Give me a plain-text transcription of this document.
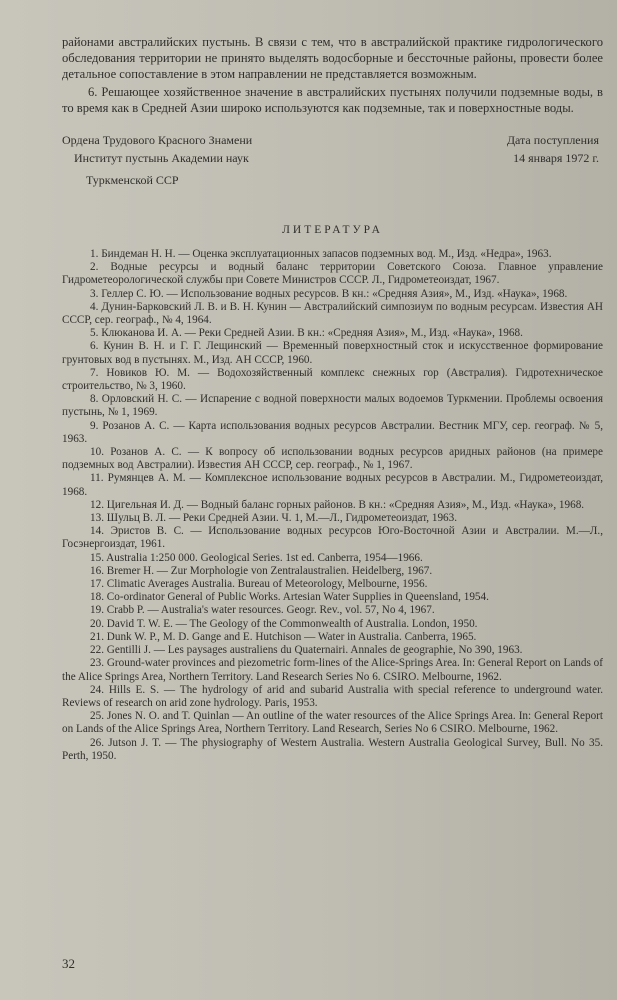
районами австралийских пустынь. В связи с тем, что в австралийской практике гидрологического обследования территории не принято выделять водосборные и бессточные районы, провести более детальное сопоставление в этом направлении не представляется возможным.

6. Решающее хозяйственное значение в австралийских пустынях получили подземные воды, в то время как в Средней Азии широко используются как подземные, так и поверхностные воды.

Ордена Трудового Красного Знамени
Институт пустынь Академии наук
Туркменской ССР
Дата поступления
14 января 1972 г.
ЛИТЕРАТУРА
1. Биндеман Н. Н. — Оценка эксплуатационных запасов подземных вод. М., Изд. «Недра», 1963.
2. Водные ресурсы и водный баланс территории Советского Союза. Главное управление Гидрометеорологической службы при Совете Министров СССР. Л., Гидрометеоиздат, 1967.
3. Геллер С. Ю. — Использование водных ресурсов. В кн.: «Средняя Азия», М., Изд. «Наука», 1968.
4. Дунин-Барковский Л. В. и В. Н. Кунин — Австралийский симпозиум по водным ресурсам. Известия АН СССР, сер. географ., № 4, 1964.
5. Клюканова И. А. — Реки Средней Азии. В кн.: «Средняя Азия», М., Изд. «Наука», 1968.
6. Кунин В. Н. и Г. Г. Лещинский — Временный поверхностный сток и искусственное формирование грунтовых вод в пустынях. М., Изд. АН СССР, 1960.
7. Новиков Ю. М. — Водохозяйственный комплекс снежных гор (Австралия). Гидротехническое строительство, № 3, 1960.
8. Орловский Н. С. — Испарение с водной поверхности малых водоемов Туркмении. Проблемы освоения пустынь, № 1, 1969.
9. Розанов А. С. — Карта использования водных ресурсов Австралии. Вестник МГУ, сер. географ. № 5, 1963.
10. Розанов А. С. — К вопросу об использовании водных ресурсов аридных районов (на примере подземных вод Австралии). Известия АН СССР, сер. географ., № 1, 1967.
11. Румянцев А. М. — Комплексное использование водных ресурсов в Австралии. М., Гидрометеоиздат, 1968.
12. Цигельная И. Д. — Водный баланс горных районов. В кн.: «Средняя Азия», М., Изд. «Наука», 1968.
13. Шульц В. Л. — Реки Средней Азии. Ч. 1, М.—Л., Гидрометеоиздат, 1963.
14. Эристов В. С. — Использование водных ресурсов Юго-Восточной Азии и Австралии. М.—Л., Госэнергоиздат, 1961.
15. Australia 1:250 000. Geological Series. 1st ed. Canberra, 1954—1966.
16. Bremer H. — Zur Morphologie von Zentralaustralien. Heidelberg, 1967.
17. Climatic Averages Australia. Bureau of Meteorology, Melbourne, 1956.
18. Co-ordinator General of Public Works. Artesian Water Supplies in Queensland, 1954.
19. Crabb P. — Australia's water resources. Geogr. Rev., vol. 57, No 4, 1967.
20. David T. W. E. — The Geology of the Commonwealth of Australia. London, 1950.
21. Dunk W. P., M. D. Gange and E. Hutchison — Water in Australia. Canberra, 1965.
22. Gentilli J. — Les paysages australiens du Quaternairi. Annales de geographie, No 390, 1963.
23. Ground-water provinces and piezometric form-lines of the Alice-Springs Area. In: General Report on Lands of the Alice Springs Area, Northern Territory. Land Research Series No 6. CSIRO. Melbourne, 1962.
24. Hills E. S. — The hydrology of arid and subarid Australia with special reference to underground water. Reviews of research on arid zone hydrology. Paris, 1953.
25. Jones N. O. and T. Quinlan — An outline of the water resources of the Alice Springs Area. In: General Report on Lands of the Alice Springs Area, Northern Territory. Land Research, Series No 6 CSIRO. Melbourne, 1962.
26. Jutson J. T. — The physiography of Western Australia. Western Australia Geological Survey, Bull. No 35. Perth, 1950.
32
